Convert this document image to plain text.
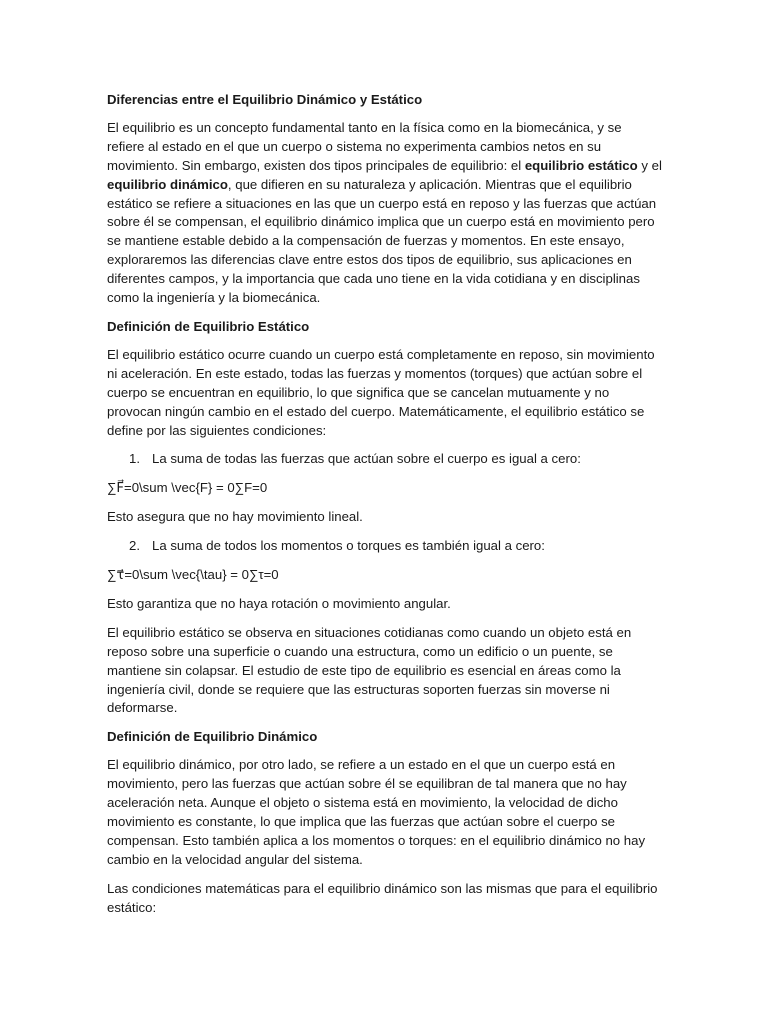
Diferencias entre el Equilibrio Dinámico y Estático

El equilibrio es un concepto fundamental tanto en la física como en la biomecánica, y se refiere al estado en el que un cuerpo o sistema no experimenta cambios netos en su movimiento. Sin embargo, existen dos tipos principales de equilibrio: el equilibrio estático y el equilibrio dinámico, que difieren en su naturaleza y aplicación. Mientras que el equilibrio estático se refiere a situaciones en las que un cuerpo está en reposo y las fuerzas que actúan sobre él se compensan, el equilibrio dinámico implica que un cuerpo está en movimiento pero se mantiene estable debido a la compensación de fuerzas y momentos. En este ensayo, exploraremos las diferencias clave entre estos dos tipos de equilibrio, sus aplicaciones en diferentes campos, y la importancia que cada uno tiene en la vida cotidiana y en disciplinas como la ingeniería y la biomecánica.

Definición de Equilibrio Estático

El equilibrio estático ocurre cuando un cuerpo está completamente en reposo, sin movimiento ni aceleración. En este estado, todas las fuerzas y momentos (torques) que actúan sobre el cuerpo se encuentran en equilibrio, lo que significa que se cancelan mutuamente y no provocan ningún cambio en el estado del cuerpo. Matemáticamente, el equilibrio estático se define por las siguientes condiciones:

1. La suma de todas las fuerzas que actúan sobre el cuerpo es igual a cero:

∑F⃗=0\sum \vec{F} = 0∑F=0

Esto asegura que no hay movimiento lineal.

2. La suma de todos los momentos o torques es también igual a cero:

∑τ⃗=0\sum \vec{\tau} = 0∑τ=0

Esto garantiza que no haya rotación o movimiento angular.

El equilibrio estático se observa en situaciones cotidianas como cuando un objeto está en reposo sobre una superficie o cuando una estructura, como un edificio o un puente, se mantiene sin colapsar. El estudio de este tipo de equilibrio es esencial en áreas como la ingeniería civil, donde se requiere que las estructuras soporten fuerzas sin moverse ni deformarse.

Definición de Equilibrio Dinámico

El equilibrio dinámico, por otro lado, se refiere a un estado en el que un cuerpo está en movimiento, pero las fuerzas que actúan sobre él se equilibran de tal manera que no hay aceleración neta. Aunque el objeto o sistema está en movimiento, la velocidad de dicho movimiento es constante, lo que implica que las fuerzas que actúan sobre el cuerpo se compensan. Esto también aplica a los momentos o torques: en el equilibrio dinámico no hay cambio en la velocidad angular del sistema.

Las condiciones matemáticas para el equilibrio dinámico son las mismas que para el equilibrio estático:
